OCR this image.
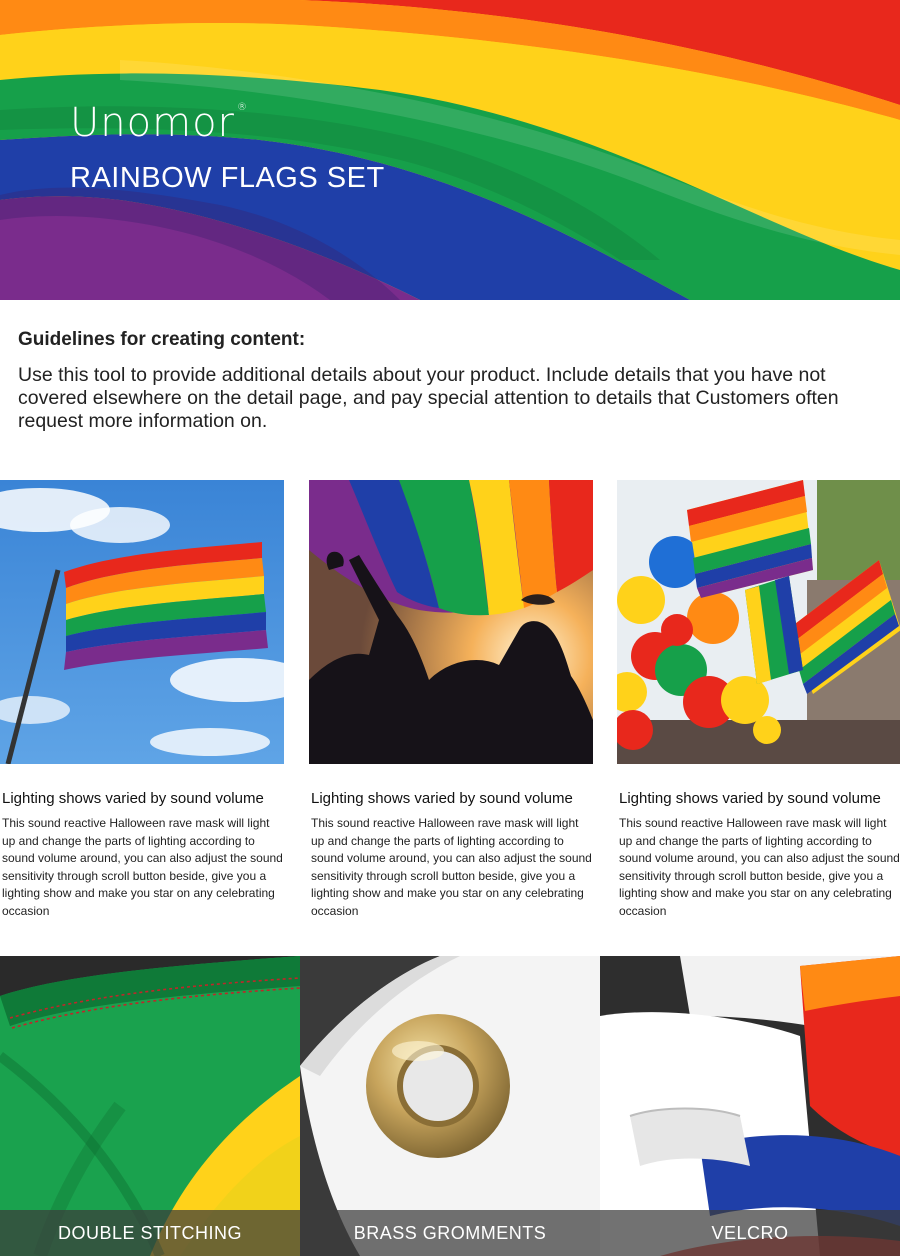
Unomor ®
RAINBOW FLAGS SET
Guidelines for creating content:
Use this tool to provide additional details about your product. Include details that you have not covered elsewhere on the detail page, and pay special attention to details that Customers often request more information on.
Lighting shows varied by sound volume
This sound reactive Halloween rave mask will light up and change the parts of lighting according to sound volume around, you can also adjust the sound sensitivity through scroll button beside, give you a lighting show and make you star on any celebrating occasion
Lighting shows varied by sound volume
This sound reactive Halloween rave mask will light up and change the parts of lighting according to sound volume around, you can also adjust the sound sensitivity through scroll button beside, give you a lighting show and make you star on any celebrating occasion
Lighting shows varied by sound volume
This sound reactive Halloween rave mask will light up and change the parts of lighting according to sound volume around, you can also adjust the sound sensitivity through scroll button beside, give you a lighting show and make you star on any celebrating occasion
DOUBLE STITCHING	BRASS GROMMENTS	VELCRO
